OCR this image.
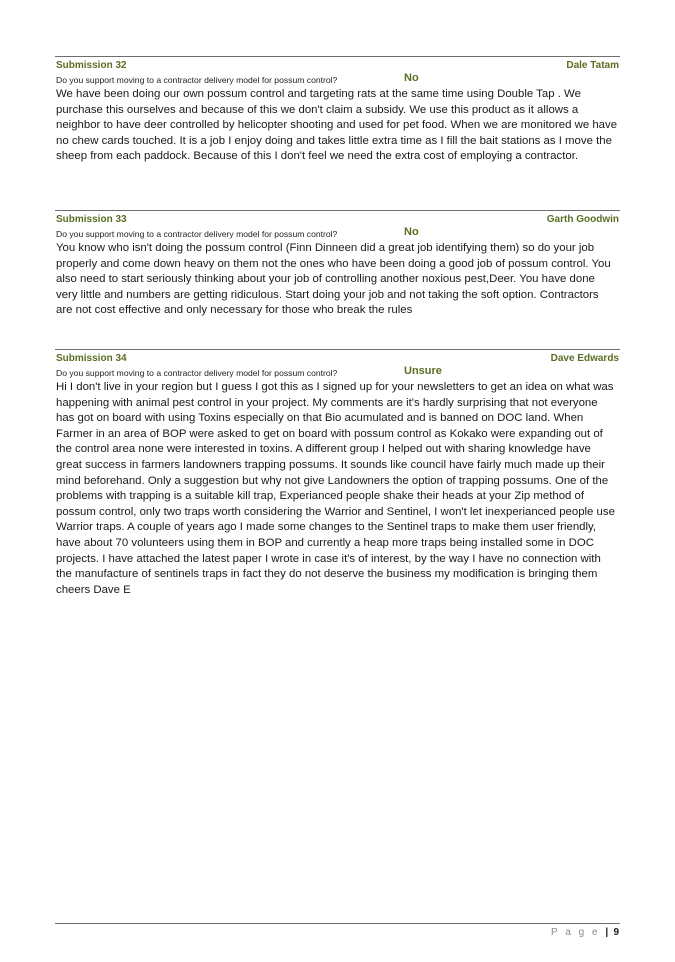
Submission 32	Dale Tatam
Do you support moving to a contractor delivery model for possum control?	No

We have been doing our own possum control and targeting rats at the same time using Double Tap . We purchase this ourselves and because of this we don't claim a subsidy. We use this product as it allows a neighbor to have deer controlled by helicopter shooting and used for pet food. When we are monitored we have no chew cards touched. It is a job I enjoy doing and takes little extra time as I fill the bait stations as I move the sheep from each paddock. Because of this I don't feel we need the extra cost of employing a contractor.

Submission 33	Garth Goodwin
Do you support moving to a contractor delivery model for possum control?	No

You know who isn't doing the possum control (Finn Dinneen did a great job identifying them) so do your job properly and come down heavy on them not the ones who have been doing a good job of possum control. You also need to start seriously thinking about your job of controlling another noxious pest,Deer. You have done very little and numbers are getting ridiculous. Start doing your job and not taking the soft option. Contractors are not cost effective and only necessary for those who break the rules

Submission 34	Dave Edwards
Do you support moving to a contractor delivery model for possum control?	Unsure

Hi I don't live in your region but I guess I got this as I signed up for your newsletters to get an idea on what was happening with animal pest control in your project. My comments are it's hardly surprising that not everyone has got on board with using Toxins especially on that Bio acumulated and is banned on DOC land. When Farmer in an area of BOP were asked to get on board with possum control as Kokako were expanding out of the control area none were interested in toxins. A different group I helped out with sharing knowledge have great success in farmers landowners trapping possums. It sounds like council have fairly much made up their mind beforehand. Only a suggestion but why not give Landowners the option of trapping possums. One of the problems with trapping is a suitable kill trap, Experianced people shake their heads at your Zip method of possum control, only two traps worth considering the Warrior and Sentinel, I won't let inexperianced people use Warrior traps. A couple of years ago I made some changes to the Sentinel traps to make them user friendly, have about 70 volunteers using them in BOP and currently a heap more traps being installed some in DOC projects. I have attached the latest paper I wrote in case it's of interest, by the way I have no connection with the manufacture of sentinels traps in fact they do not deserve the business my modification is bringing them cheers Dave E

P a g e | 9
